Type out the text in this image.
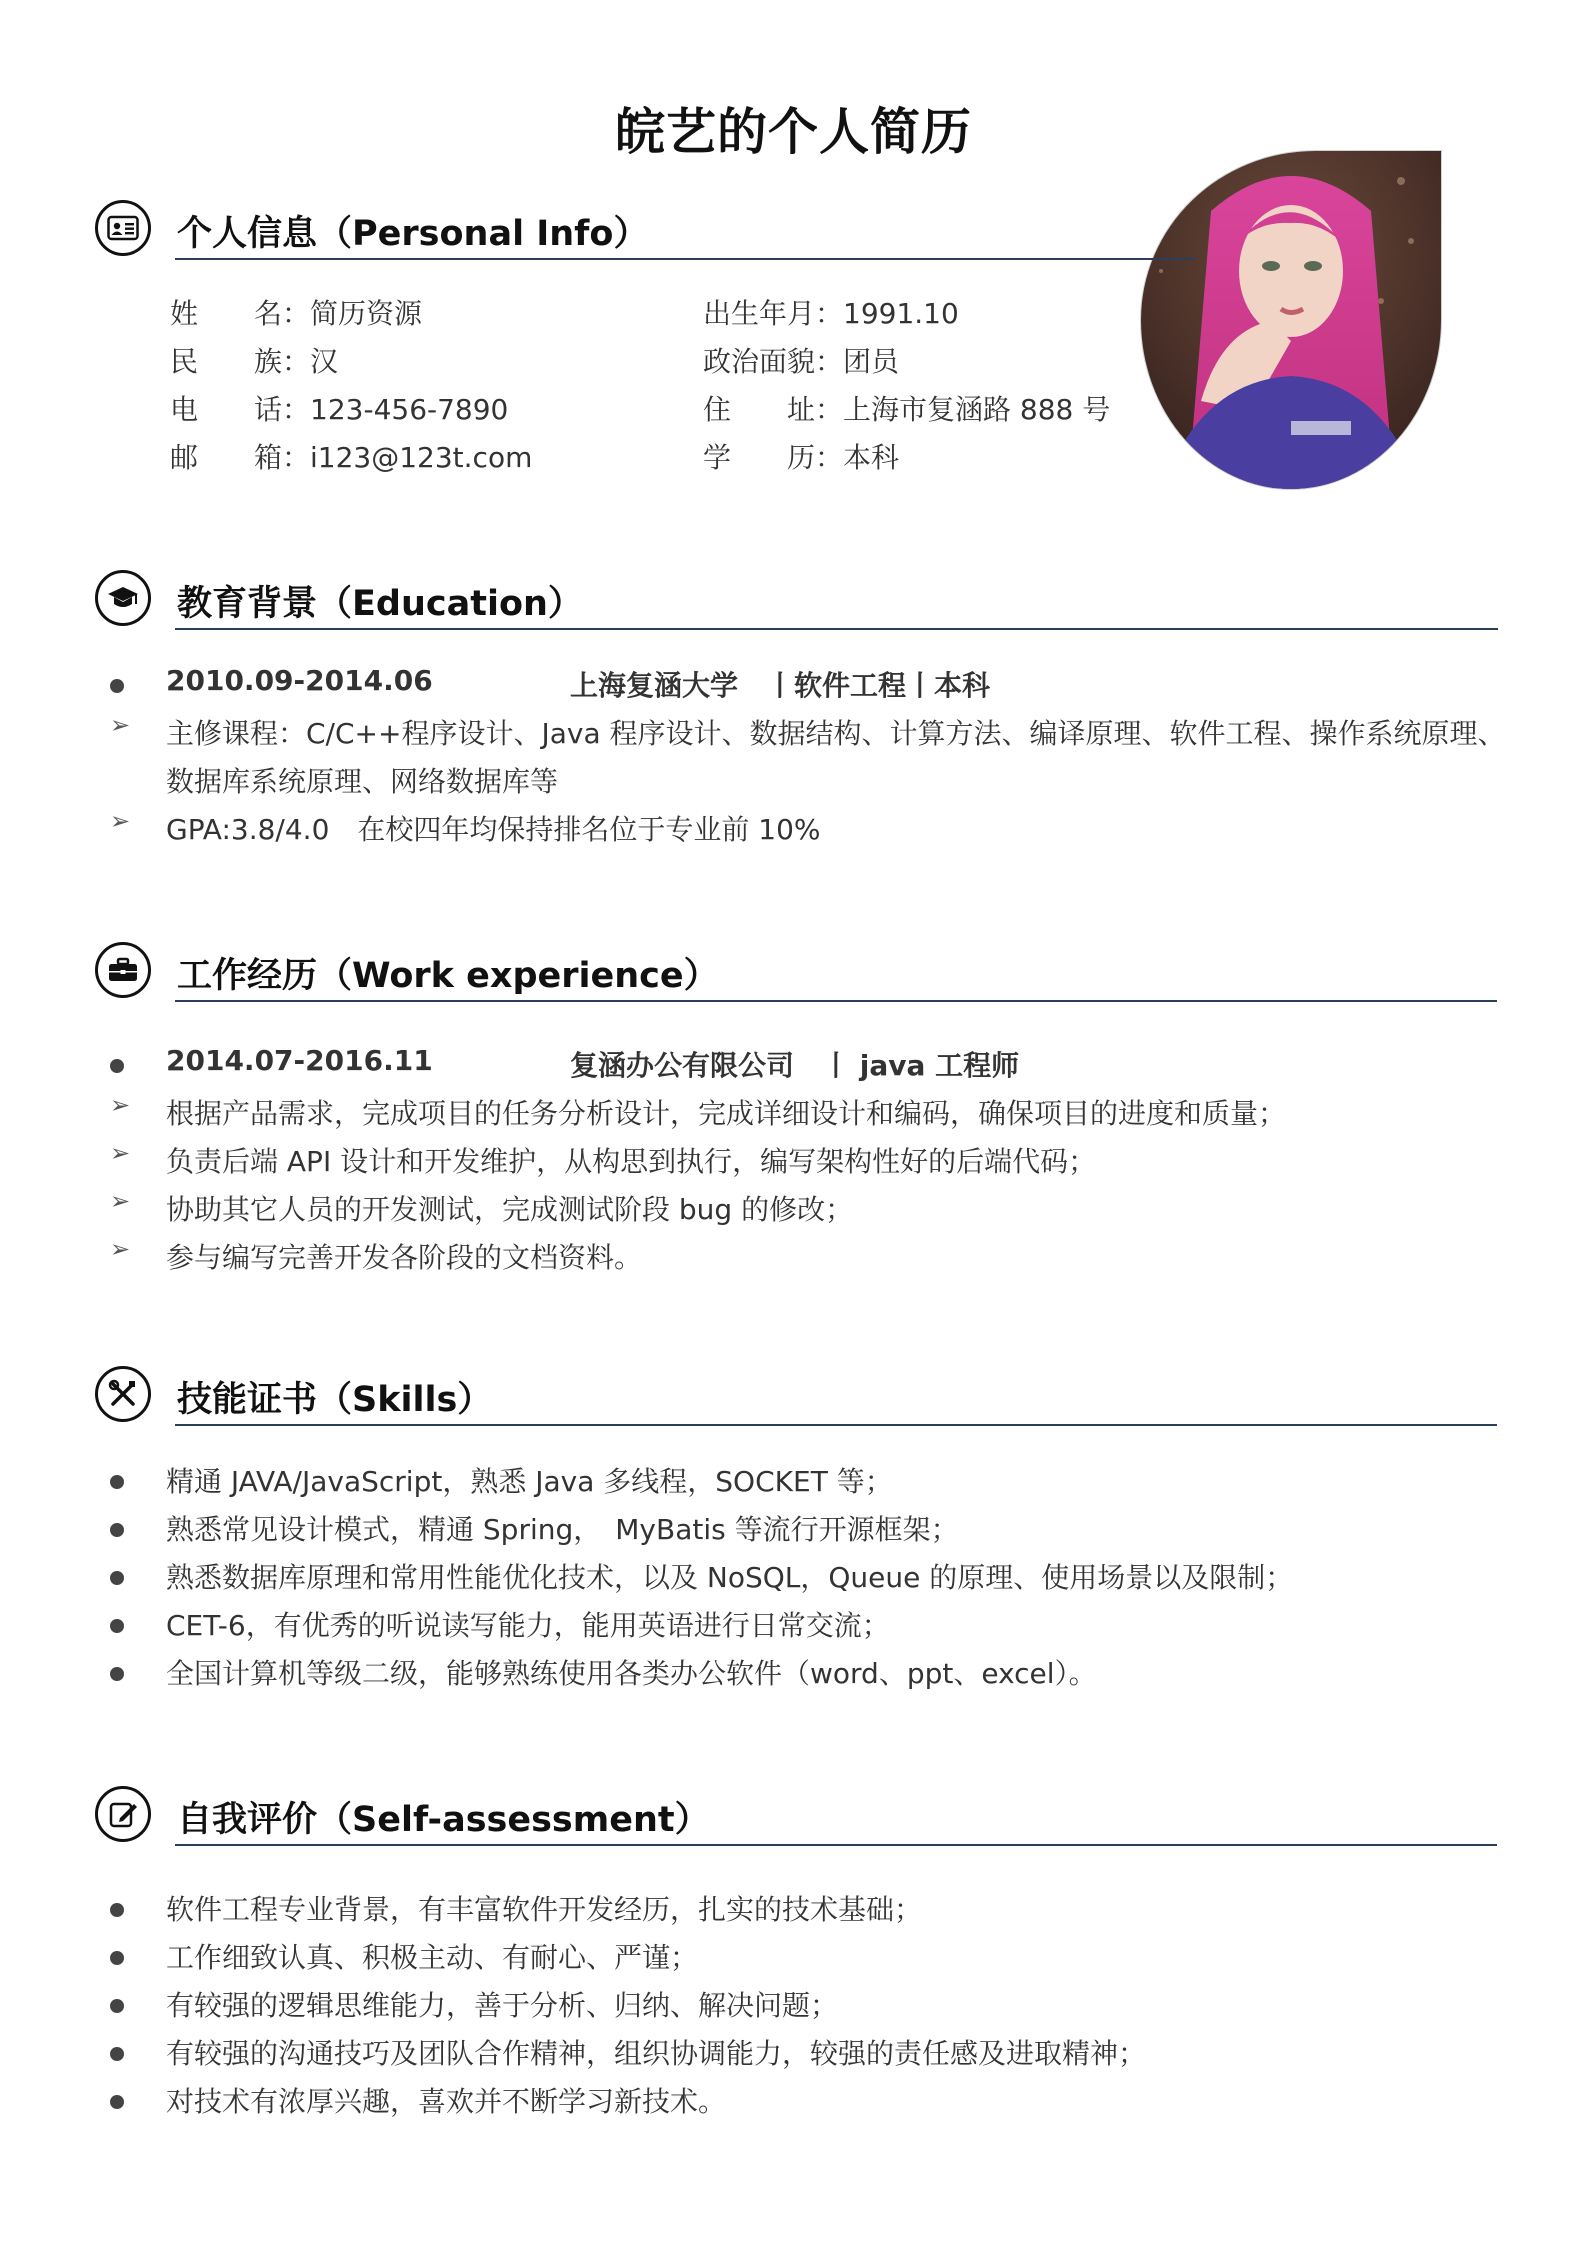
皖艺的个人简历
个人信息（Personal Info）
姓　　名：简历资源	出生年月：1991.10
民　　族：汉	政治面貌：团员
电　　话：123-456-7890	住　　址：上海市复涵路 888 号
邮　　箱：i123@123t.com	学　　历：本科
教育背景（Education）
2010.09-2014.06	上海复涵大学　丨软件工程丨本科
➢ 主修课程：C/C++程序设计、Java 程序设计、数据结构、计算方法、编译原理、软件工程、操作系统原理、
数据库系统原理、网络数据库等
➢ GPA:3.8/4.0　在校四年均保持排名位于专业前 10%
工作经历（Work experience）
2014.07-2016.11	复涵办公有限公司　丨 java 工程师
➢ 根据产品需求，完成项目的任务分析设计，完成详细设计和编码，确保项目的进度和质量；
➢ 负责后端 API 设计和开发维护，从构思到执行，编写架构性好的后端代码；
➢ 协助其它人员的开发测试，完成测试阶段 bug 的修改；
➢ 参与编写完善开发各阶段的文档资料。
技能证书（Skills）
精通 JAVA/JavaScript，熟悉 Java 多线程，SOCKET 等；
熟悉常见设计模式，精通 Spring，　MyBatis 等流行开源框架；
熟悉数据库原理和常用性能优化技术，以及 NoSQL，Queue 的原理、使用场景以及限制；
CET-6，有优秀的听说读写能力，能用英语进行日常交流；
全国计算机等级二级，能够熟练使用各类办公软件（word、ppt、excel）。
自我评价（Self-assessment）
软件工程专业背景，有丰富软件开发经历，扎实的技术基础；
工作细致认真、积极主动、有耐心、严谨；
有较强的逻辑思维能力，善于分析、归纳、解决问题；
有较强的沟通技巧及团队合作精神，组织协调能力，较强的责任感及进取精神；
对技术有浓厚兴趣，喜欢并不断学习新技术。
